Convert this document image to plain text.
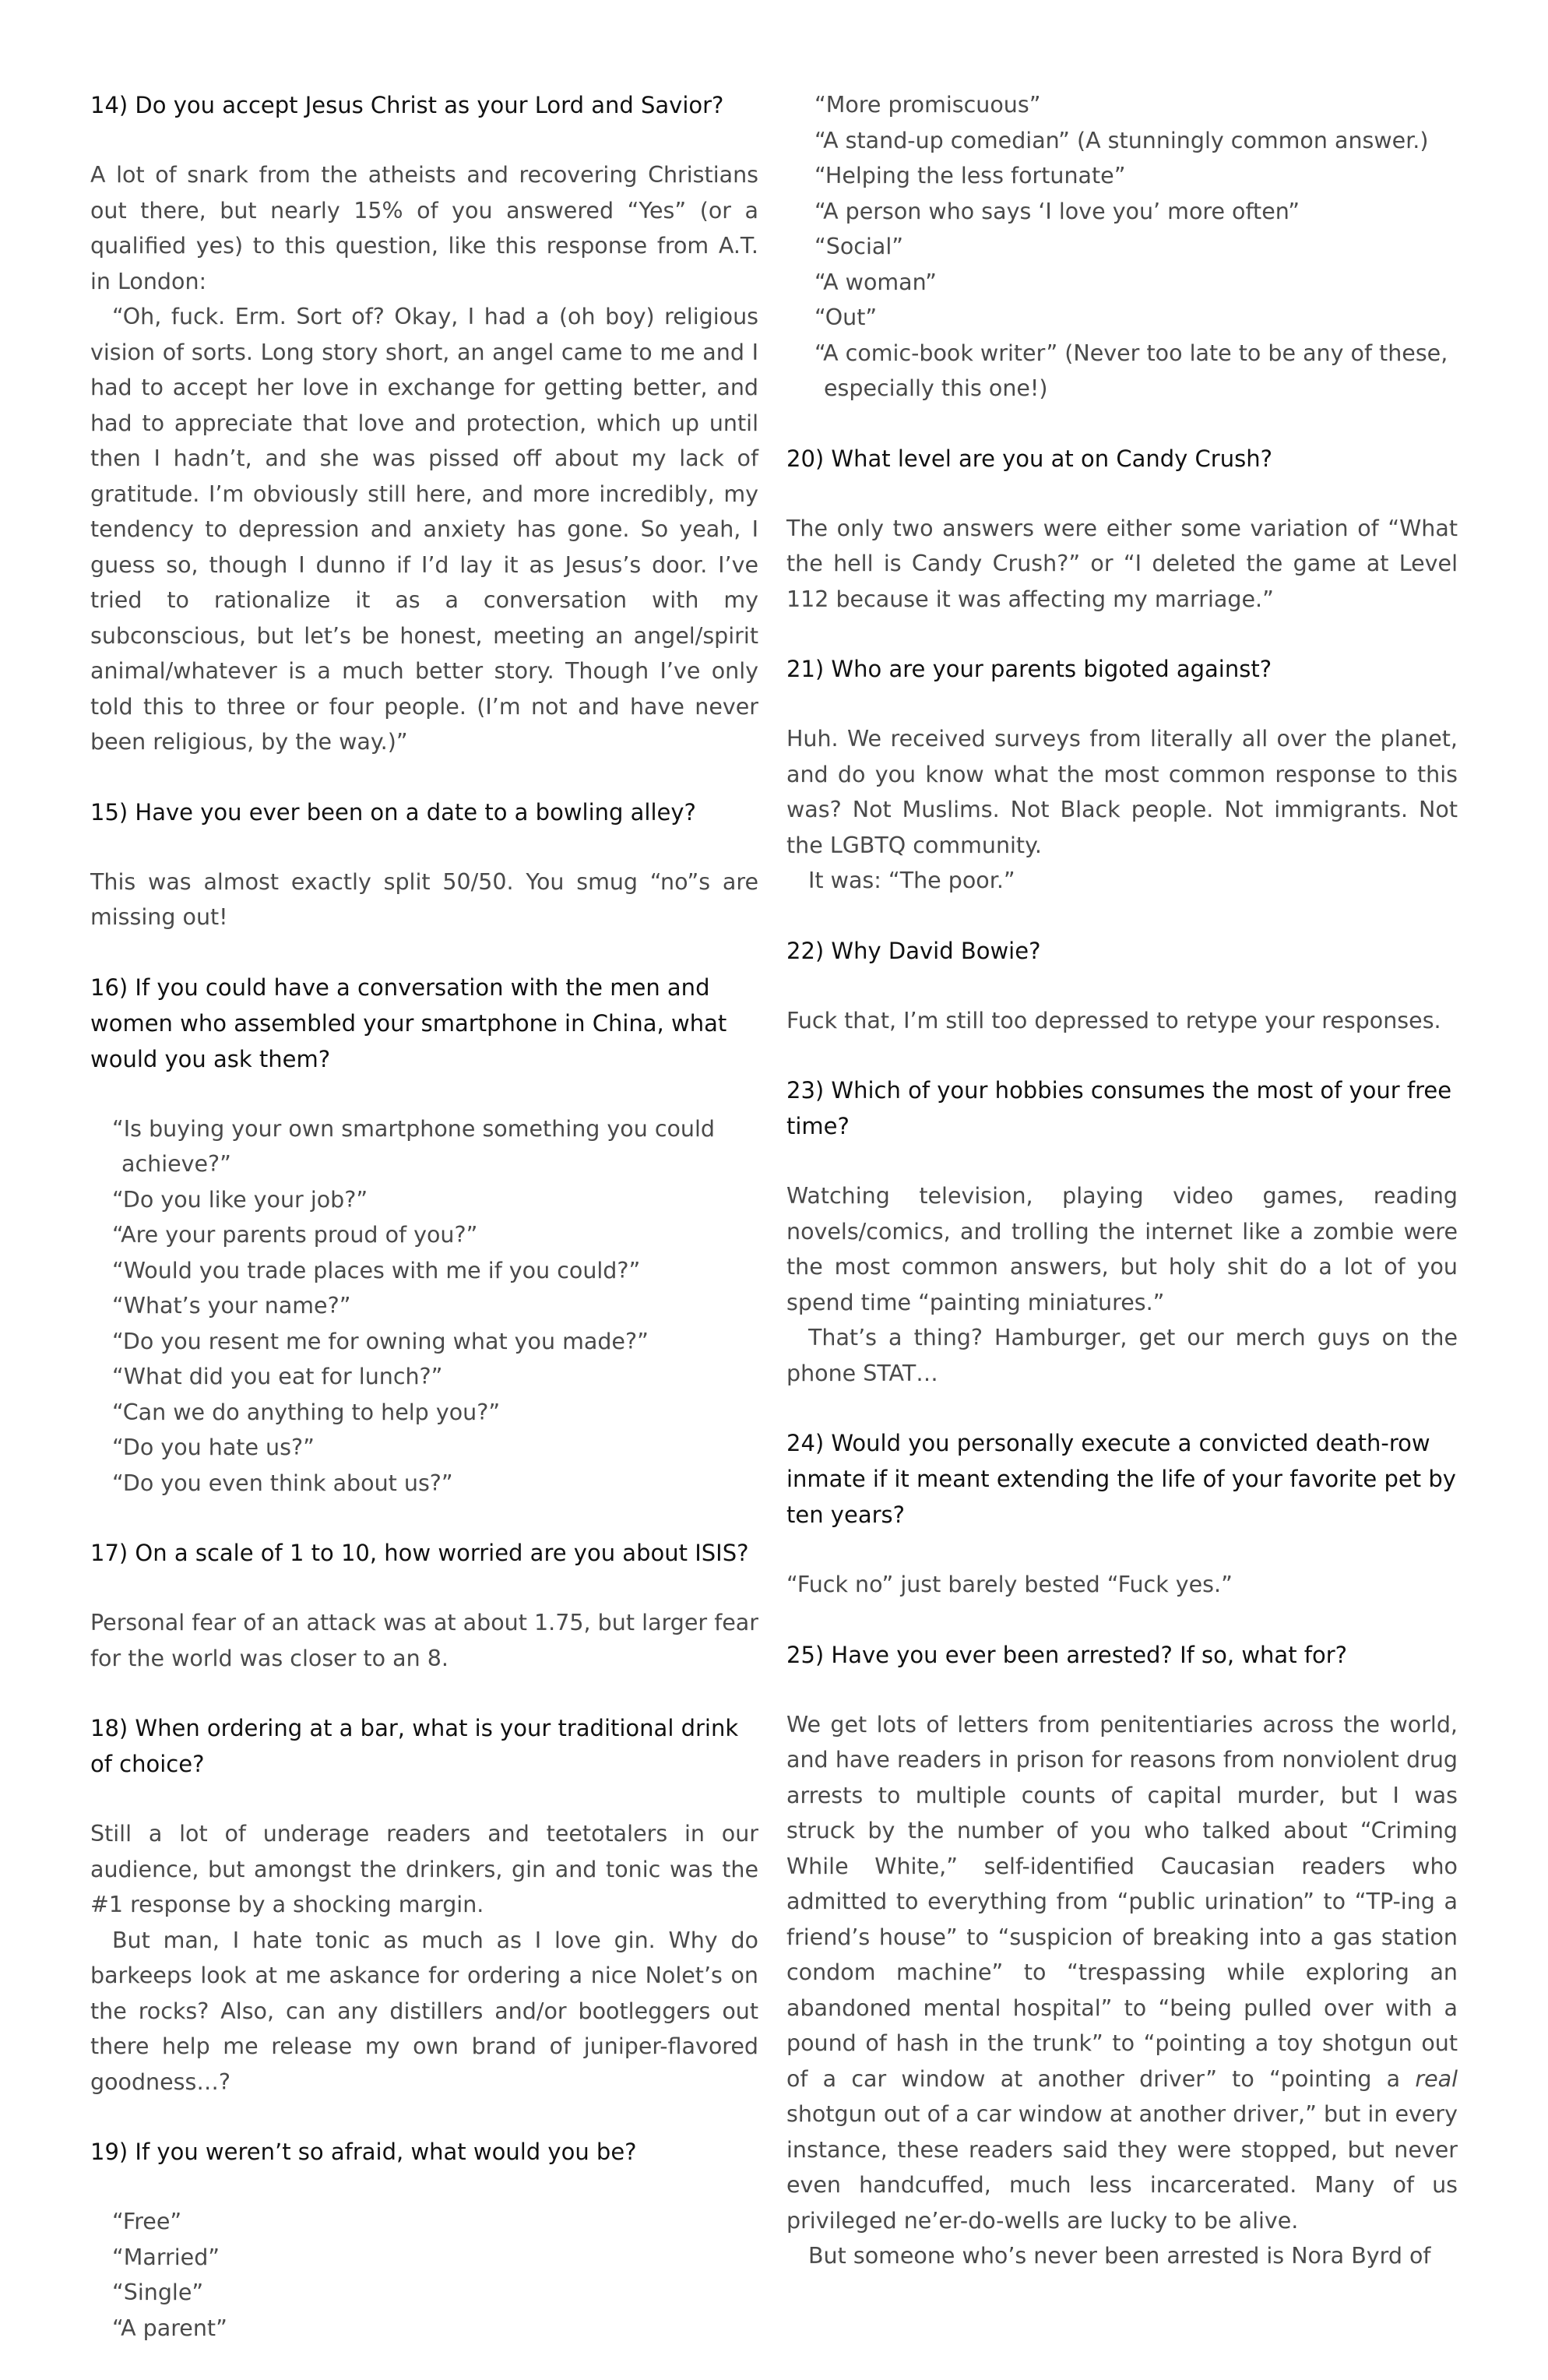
14) Do you accept Jesus Christ as your Lord and Savior?

A lot of snark from the atheists and recovering Christians out there, but nearly 15% of you answered “Yes” (or a qualified yes) to this question, like this response from A.T. in London:

“Oh, fuck. Erm. Sort of? Okay, I had a (oh boy) religious vision of sorts. Long story short, an angel came to me and I had to accept her love in exchange for getting better, and had to appreciate that love and protection, which up until then I hadn’t, and she was pissed off about my lack of gratitude. I’m obviously still here, and more incredibly, my tendency to depression and anxiety has gone. So yeah, I guess so, though I dunno if I’d lay it as Jesus’s door. I’ve tried to rationalize it as a conversation with my subconscious, but let’s be honest, meeting an angel/spirit animal/whatever is a much better story. Though I’ve only told this to three or four people. (I’m not and have never been religious, by the way.)”

15) Have you ever been on a date to a bowling alley?

This was almost exactly split 50/50. You smug “no”s are missing out!

16) If you could have a conversation with the men and women who assembled your smartphone in China, what would you ask them?
“Is buying your own smartphone something you could achieve?”
“Do you like your job?”
“Are your parents proud of you?”
“Would you trade places with me if you could?”
“What’s your name?”
“Do you resent me for owning what you made?”
“What did you eat for lunch?”
“Can we do anything to help you?”
“Do you hate us?”
“Do you even think about us?”
17) On a scale of 1 to 10, how worried are you about ISIS?

Personal fear of an attack was at about 1.75, but larger fear for the world was closer to an 8.

18) When ordering at a bar, what is your traditional drink of choice?

Still a lot of underage readers and teetotalers in our audience, but amongst the drinkers, gin and tonic was the #1 response by a shocking margin.

But man, I hate tonic as much as I love gin. Why do barkeeps look at me askance for ordering a nice Nolet’s on the rocks? Also, can any distillers and/or bootleggers out there help me release my own brand of juniper-flavored goodness…?

19) If you weren’t so afraid, what would you be?
“Free”
“Married”
“Single”
“A parent”
“More promiscuous”
“A stand-up comedian” (A stunningly common answer.)
“Helping the less fortunate”
“A person who says ‘I love you’ more often”
“Social”
“A woman”
“Out”
“A comic-book writer” (Never too late to be any of these, especially this one!)
20) What level are you at on Candy Crush?

The only two answers were either some variation of “What the hell is Candy Crush?” or “I deleted the game at Level 112 because it was affecting my marriage.”

21) Who are your parents bigoted against?

Huh. We received surveys from literally all over the planet, and do you know what the most common response to this was? Not Muslims. Not Black people. Not immigrants. Not the LGBTQ community.

It was: “The poor.”

22) Why David Bowie?

Fuck that, I’m still too depressed to retype your responses.

23) Which of your hobbies consumes the most of your free time?

Watching television, playing video games, reading novels/comics, and trolling the internet like a zombie were the most common answers, but holy shit do a lot of you spend time “painting miniatures.”

That’s a thing? Hamburger, get our merch guys on the phone STAT…

24) Would you personally execute a convicted death-row inmate if it meant extending the life of your favorite pet by ten years?

“Fuck no” just barely bested “Fuck yes.”

25) Have you ever been arrested? If so, what for?

We get lots of letters from penitentiaries across the world, and have readers in prison for reasons from nonviolent drug arrests to multiple counts of capital murder, but I was struck by the number of you who talked about “Criming While White,” self-identified Caucasian readers who admitted to everything from “public urination” to “TP-ing a friend’s house” to “suspicion of breaking into a gas station condom machine” to “trespassing while exploring an abandoned mental hospital” to “being pulled over with a pound of hash in the trunk” to “pointing a toy shotgun out of a car window at another driver” to “pointing a real shotgun out of a car window at another driver,” but in every instance, these readers said they were stopped, but never even handcuffed, much less incarcerated. Many of us privileged ne’er-do-wells are lucky to be alive.

But someone who’s never been arrested is Nora Byrd of
